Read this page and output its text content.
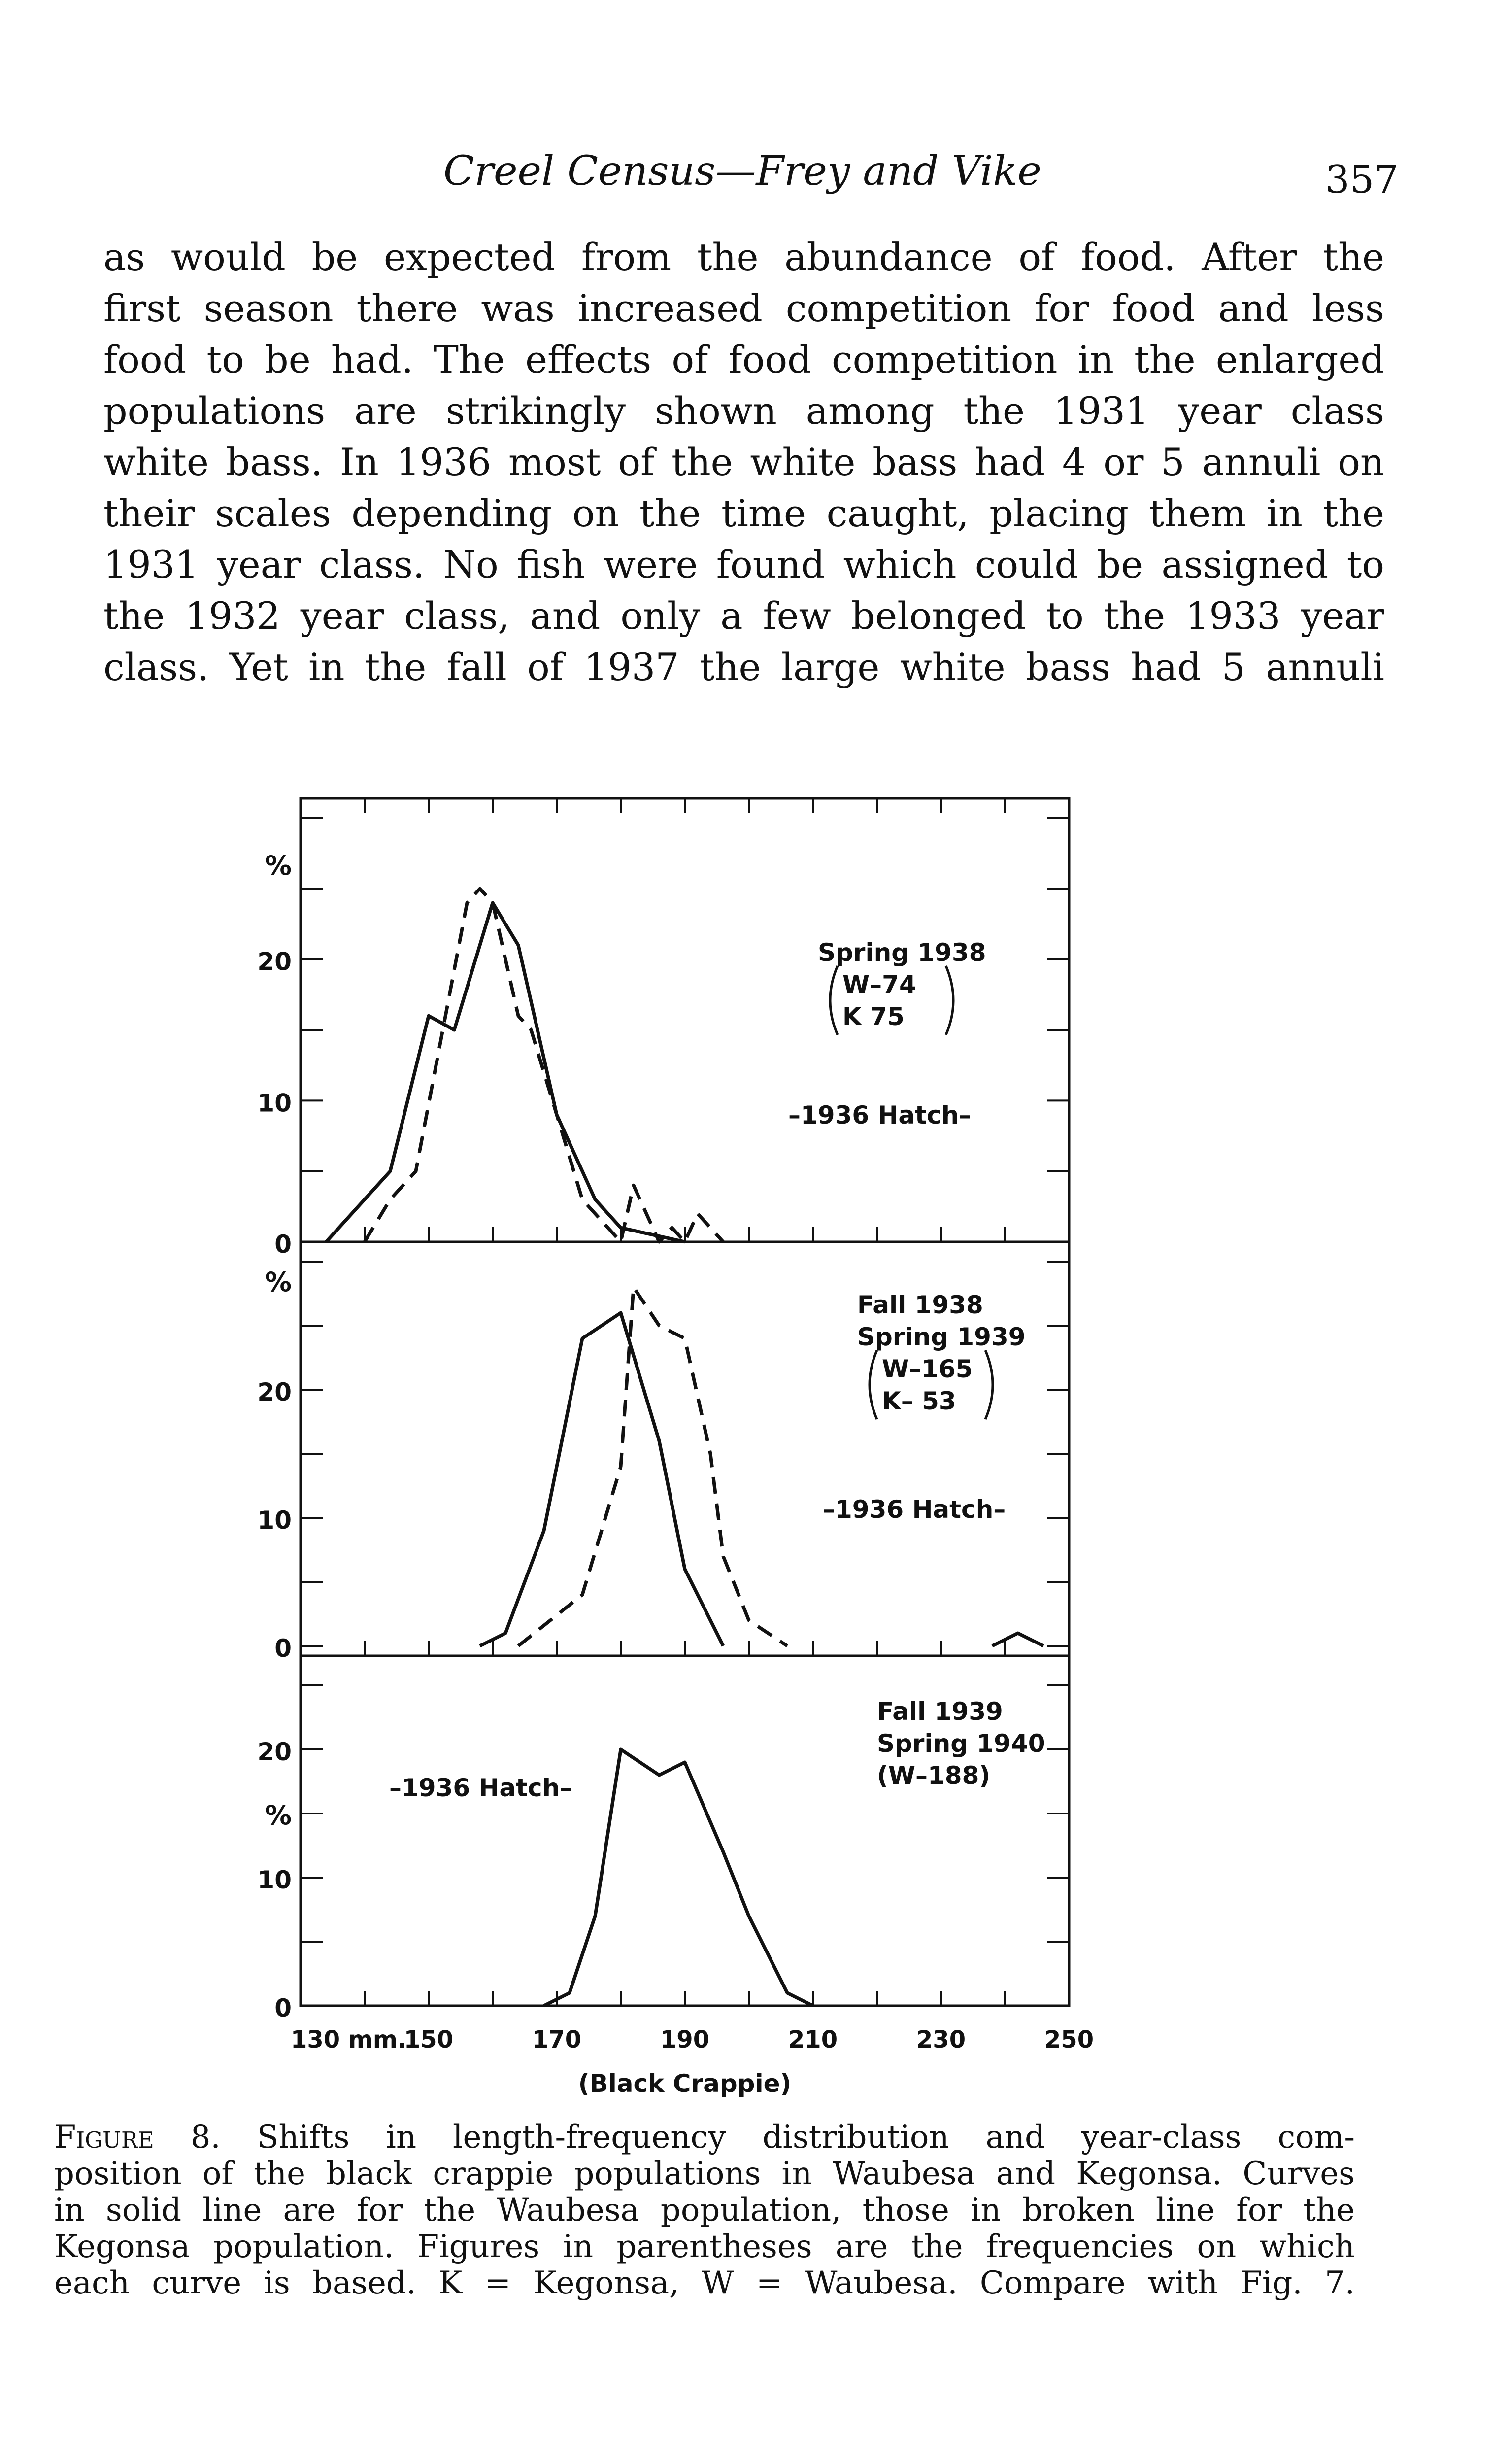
Creel Census—Frey and Vike	357

as would be expected from the abundance of food. After the

first season there was increased competition for food and less

food to be had. The effects of food competition in the enlarged

populations are strikingly shown among the 1931 year class

white bass. In 1936 most of the white bass had 4 or 5 annuli on

their scales depending on the time caught, placing them in the

1931 year class. No fish were found which could be assigned to

the 1932 year class, and only a few belonged to the 1933 year

class. Yet in the fall of 1937 the large white bass had 5 annuli

0
10
20
%
Spring 1938
W–74
K 75
–1936 Hatch–
0
10
20
%
Fall 1938
Spring 1939
W–165
K– 53
–1936 Hatch–
0
10
20
%
Fall 1939
Spring 1940
(W–188)
–1936 Hatch–
130 mm.
150	170	190	210	230	250
(Black Crappie)

Figure 8. Shifts in length-frequency distribution and year-class com-

position of the black crappie populations in Waubesa and Kegonsa. Curves

in solid line are for the Waubesa population, those in broken line for the

Kegonsa population. Figures in parentheses are the frequencies on which

each curve is based. K = Kegonsa, W = Waubesa. Compare with Fig. 7.
